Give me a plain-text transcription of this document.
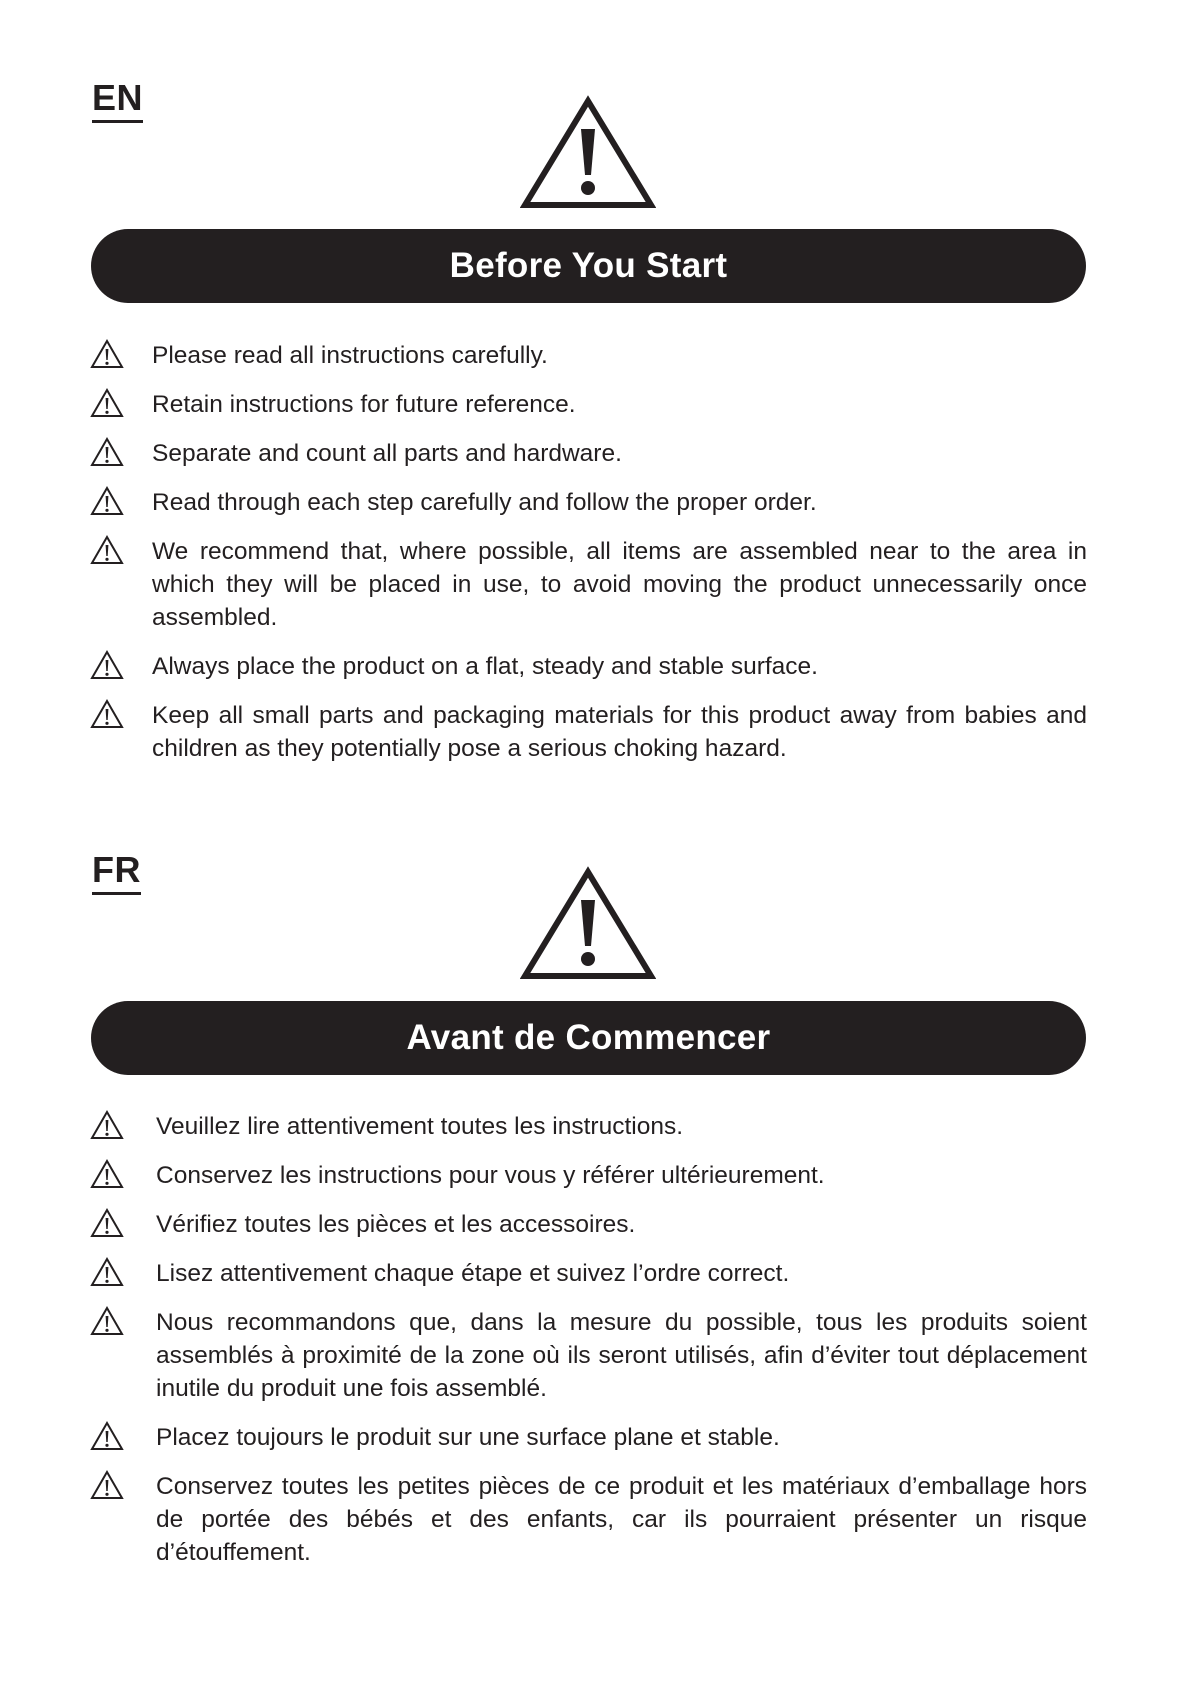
EN
Before You Start
Please read all instructions carefully.
Retain instructions for future reference.
Separate and count all parts and hardware.
Read through each step carefully and follow the proper order.
We recommend that, where possible, all items are assembled near to the area in which they will be placed in use, to avoid moving the product unnecessarily once assembled.
Always place the product on a flat, steady and stable surface.
Keep all small parts and packaging materials for this product away from babies and children as they potentially pose a serious choking hazard.
FR
Avant de Commencer
Veuillez lire attentivement toutes les instructions.
Conservez les instructions pour vous y référer ultérieurement.
Vérifiez toutes les pièces et les accessoires.
Lisez attentivement chaque étape et suivez l’ordre correct.
Nous recommandons que, dans la mesure du possible, tous les produits soient assemblés à proximité de la zone où ils seront utilisés, afin d’éviter tout déplacement inutile du produit une fois assemblé.
Placez toujours le produit sur une surface plane et stable.
Conservez toutes les petites pièces de ce produit et les matériaux d’emballage hors de portée des bébés et des enfants, car ils pourraient présenter un risque d’étouffement.
